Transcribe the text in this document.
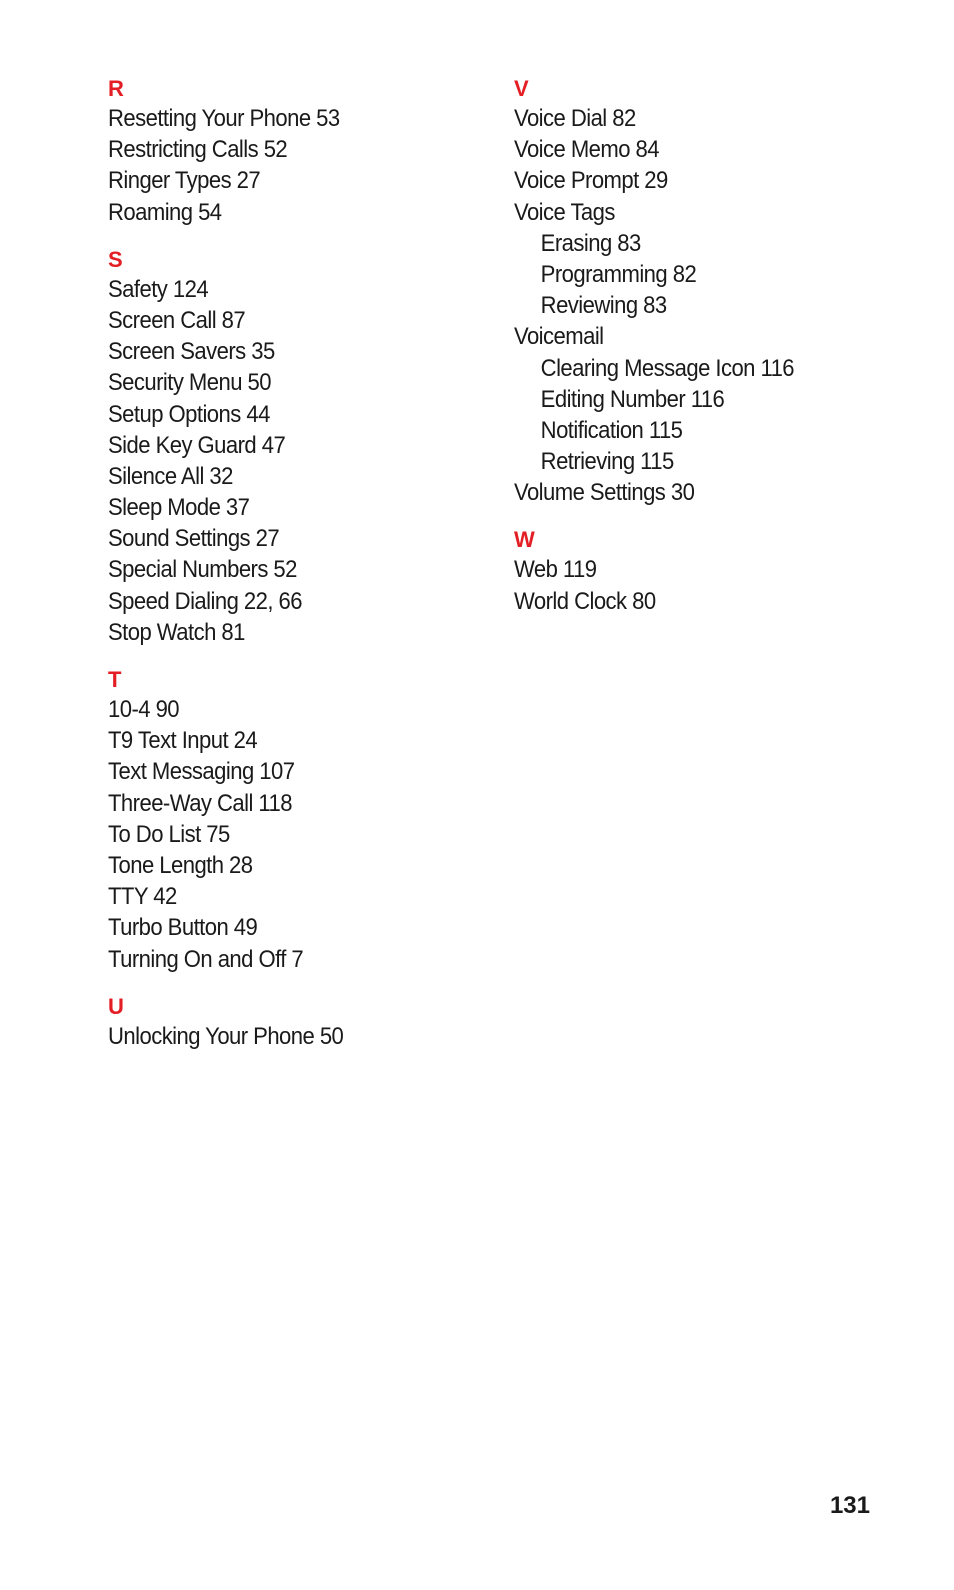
R
Resetting Your Phone 53
Restricting Calls 52
Ringer Types 27
Roaming 54
S
Safety 124
Screen Call 87
Screen Savers 35
Security Menu 50
Setup Options 44
Side Key Guard 47
Silence All 32
Sleep Mode 37
Sound Settings 27
Special Numbers 52
Speed Dialing 22, 66
Stop Watch 81
T
10-4 90
T9 Text Input 24
Text Messaging 107
Three-Way Call 118
To Do List 75
Tone Length 28
TTY 42
Turbo Button 49
Turning On and Off 7
U
Unlocking Your Phone 50
V
Voice Dial 82
Voice Memo 84
Voice Prompt 29
Voice Tags
Erasing 83
Programming 82
Reviewing 83
Voicemail
Clearing Message Icon 116
Editing Number 116
Notification 115
Retrieving 115
Volume Settings 30
W
Web 119
World Clock 80
131
